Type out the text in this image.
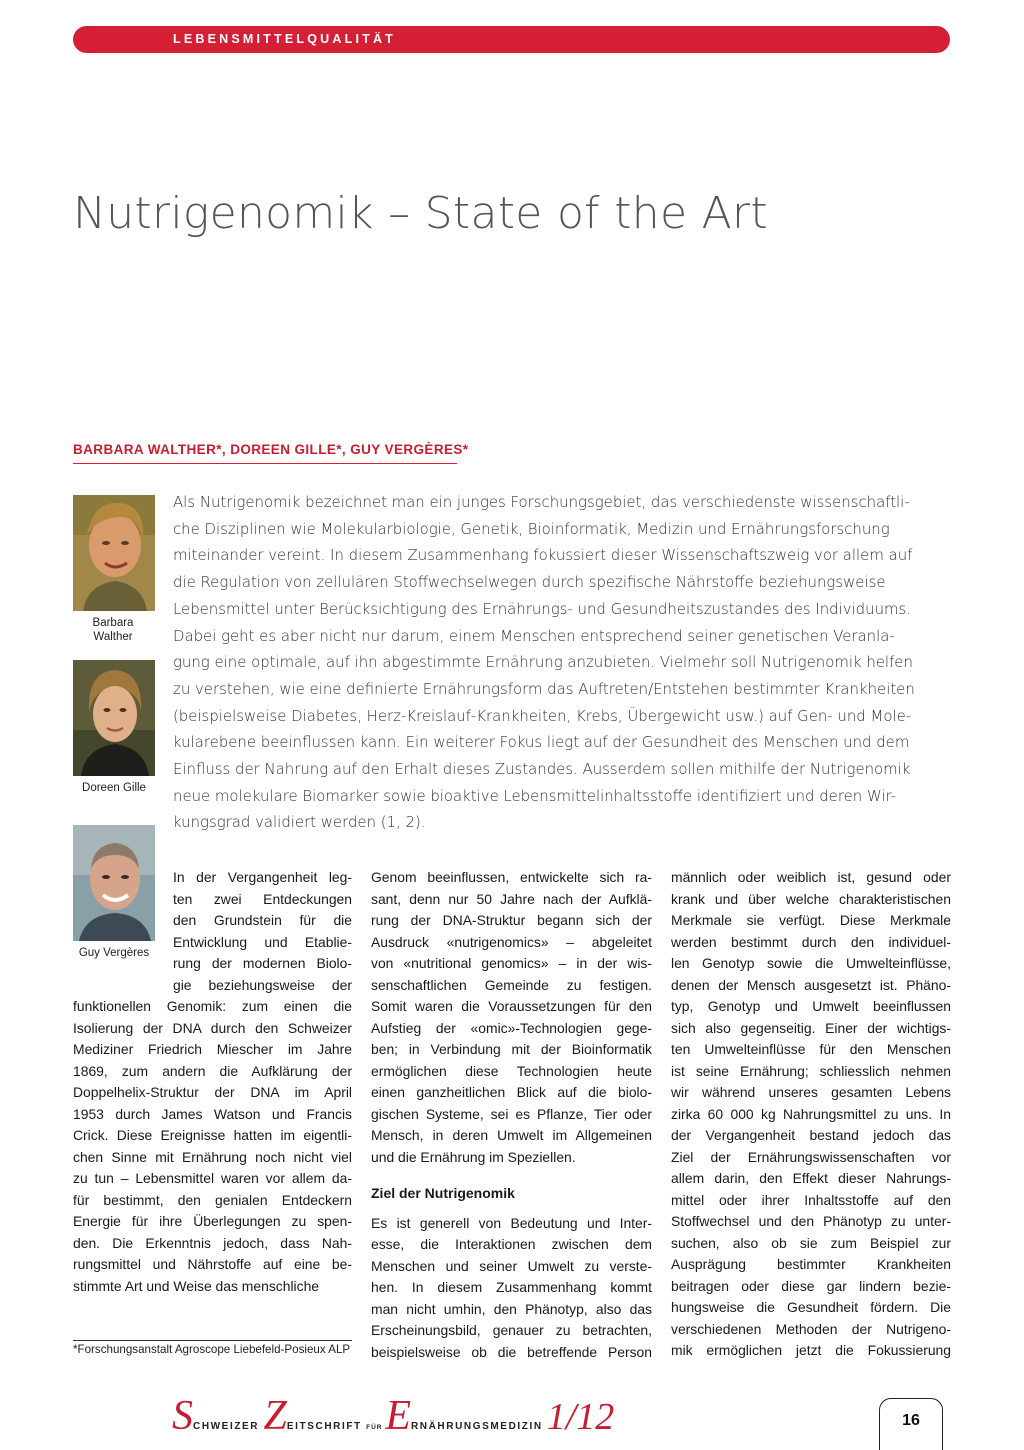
LEBENSMITTELQUALITÄT
Nutrigenomik – State of the Art
BARBARA WALTHER*, DOREEN GILLE*, GUY VERGÈRES*
Barbara
Walther
Doreen Gille
Guy Vergères
Als Nutrigenomik bezeichnet man ein junges Forschungsgebiet, das verschiedenste wissenschaftli-
che Disziplinen wie Molekularbiologie, Genetik, Bioinformatik, Medizin und Ernährungsforschung
miteinander vereint. In diesem Zusammenhang fokussiert dieser Wissenschaftszweig vor allem auf
die Regulation von zellulären Stoffwechselwegen durch spezifische Nährstoffe beziehungsweise
Lebensmittel unter Berücksichtigung des Ernährungs- und Gesundheitszustandes des Individuums.
Dabei geht es aber nicht nur darum, einem Menschen entsprechend seiner genetischen Veranla-
gung eine optimale, auf ihn abgestimmte Ernährung anzubieten. Vielmehr soll Nutrigenomik helfen
zu verstehen, wie eine definierte Ernährungsform das Auftreten/Entstehen bestimmter Krankheiten
(beispielsweise Diabetes, Herz-Kreislauf-Krankheiten, Krebs, Übergewicht usw.) auf Gen- und Mole-
kularebene beeinflussen kann. Ein weiterer Fokus liegt auf der Gesundheit des Menschen und dem
Einfluss der Nahrung auf den Erhalt dieses Zustandes. Ausserdem sollen mithilfe der Nutrigenomik
neue molekulare Biomarker sowie bioaktive Lebensmittelinhaltsstoffe identifiziert und deren Wir-
kungsgrad validiert werden (1, 2).
In der Vergangenheit leg-
ten zwei Entdeckungen
den Grundstein für die
Entwicklung und Etablie-
rung der modernen Biolo-
gie beziehungsweise der
funktionellen Genomik: zum einen die
Isolierung der DNA durch den Schweizer
Mediziner Friedrich Miescher im Jahre
1869, zum andern die Aufklärung der
Doppelhelix-Struktur der DNA im April
1953 durch James Watson und Francis
Crick. Diese Ereignisse hatten im eigentli-
chen Sinne mit Ernährung noch nicht viel
zu tun – Lebensmittel waren vor allem da-
für bestimmt, den genialen Entdeckern
Energie für ihre Überlegungen zu spen-
den. Die Erkenntnis jedoch, dass Nah-
rungsmittel und Nährstoffe auf eine be-
stimmte Art und Weise das menschliche
Genom beeinflussen, entwickelte sich ra-
sant, denn nur 50 Jahre nach der Aufklä-
rung der DNA-Struktur begann sich der
Ausdruck «nutrigenomics» – abgeleitet
von «nutritional genomics» – in der wis-
senschaftlichen Gemeinde zu festigen.
Somit waren die Voraussetzungen für den
Aufstieg der «omic»-Technologien gege-
ben; in Verbindung mit der Bioinformatik
ermöglichen diese Technologien heute
einen ganzheitlichen Blick auf die biolo-
gischen Systeme, sei es Pflanze, Tier oder
Mensch, in deren Umwelt im Allgemeinen
und die Ernährung im Speziellen.
Ziel der Nutrigenomik
Es ist generell von Bedeutung und Inter-
esse, die Interaktionen zwischen dem
Menschen und seiner Umwelt zu verste-
hen. In diesem Zusammenhang kommt
man nicht umhin, den Phänotyp, also das
Erscheinungsbild, genauer zu betrachten,
beispielsweise ob die betreffende Person
männlich oder weiblich ist, gesund oder
krank und über welche charakteristischen
Merkmale sie verfügt. Diese Merkmale
werden bestimmt durch den individuel-
len Genotyp sowie die Umwelteinflüsse,
denen der Mensch ausgesetzt ist. Phäno-
typ, Genotyp und Umwelt beeinflussen
sich also gegenseitig. Einer der wichtigs-
ten Umwelteinflüsse für den Menschen
ist seine Ernährung; schliesslich nehmen
wir während unseres gesamten Lebens
zirka 60 000 kg Nahrungsmittel zu uns. In
der Vergangenheit bestand jedoch das
Ziel der Ernährungswissenschaften vor
allem darin, den Effekt dieser Nahrungs-
mittel oder ihrer Inhaltsstoffe auf den
Stoffwechsel und den Phänotyp zu unter-
suchen, also ob sie zum Beispiel zur
Ausprägung bestimmter Krankheiten
beitragen oder diese gar lindern bezie-
hungsweise die Gesundheit fördern. Die
verschiedenen Methoden der Nutrigeno-
mik ermöglichen jetzt die Fokussierung
*Forschungsanstalt Agroscope Liebefeld-Posieux ALP
SCHWEIZER ZEITSCHRIFT FÜR ERNÄHRUNGSMEDIZIN 1/12	16
